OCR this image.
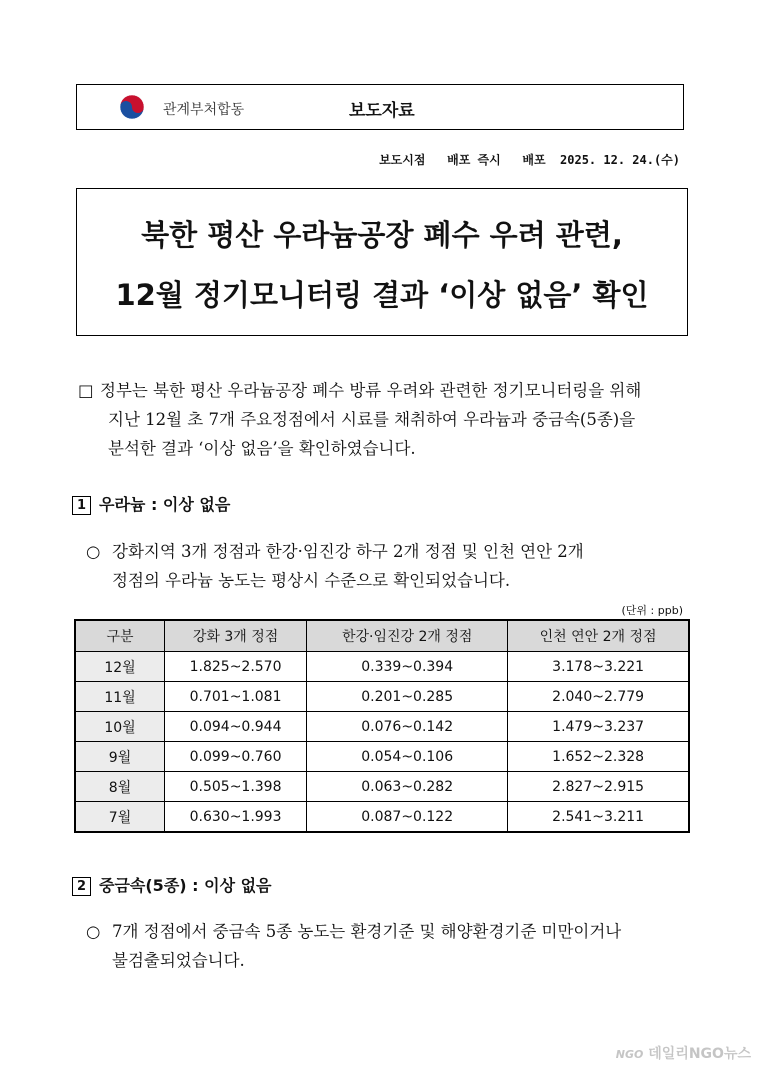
관계부처합동	보도자료
보도시점   배포 즉시   배포  2025. 12. 24.(수)
북한 평산 우라늄공장 폐수 우려 관련,
12월 정기모니터링 결과 ‘이상 없음’ 확인
□ 정부는 북한 평산 우라늄공장 폐수 방류 우려와 관련한 정기모니터링을 위해
지난 12월 초 7개 주요정점에서 시료를 채취하여 우라늄과 중금속(5종)을
분석한 결과 ‘이상 없음’을 확인하였습니다.
1 우라늄 : 이상 없음
○ 강화지역 3개 정점과 한강·임진강 하구 2개 정점 및 인천 연안 2개
정점의 우라늄 농도는 평상시 수준으로 확인되었습니다.
(단위 : ppb)
구분	강화 3개 정점	한강·임진강 2개 정점	인천 연안 2개 정점
12월	1.825~2.570	0.339~0.394	3.178~3.221
11월	0.701~1.081	0.201~0.285	2.040~2.779
10월	0.094~0.944	0.076~0.142	1.479~3.237
9월	0.099~0.760	0.054~0.106	1.652~2.328
8월	0.505~1.398	0.063~0.282	2.827~2.915
7월	0.630~1.993	0.087~0.122	2.541~3.211
2 중금속(5종) : 이상 없음
○ 7개 정점에서 중금속 5종 농도는 환경기준 및 해양환경기준 미만이거나
불검출되었습니다.
NGO 데일리NGO뉴스
